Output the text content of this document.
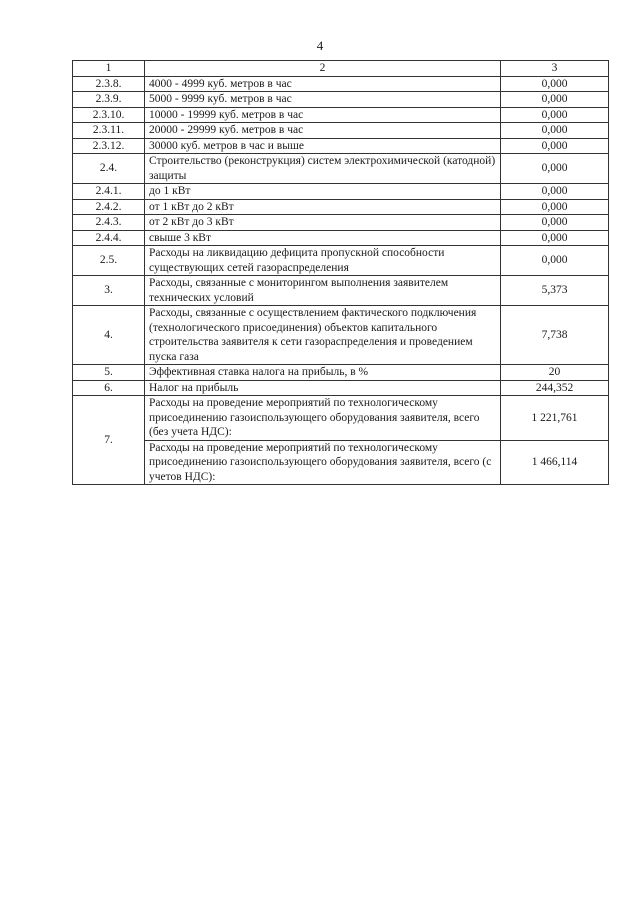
4
1	2	3
2.3.8.	4000 - 4999 куб. метров в час	0,000
2.3.9.	5000 - 9999 куб. метров в час	0,000
2.3.10.	10000 - 19999 куб. метров в час	0,000
2.3.11.	20000 - 29999 куб. метров в час	0,000
2.3.12.	30000 куб. метров в час и выше	0,000
2.4.	Строительство (реконструкция) систем электрохимической (катодной) защиты	0,000
2.4.1.	до 1 кВт	0,000
2.4.2.	от 1 кВт до 2 кВт	0,000
2.4.3.	от 2 кВт до 3 кВт	0,000
2.4.4.	свыше 3 кВт	0,000
2.5.	Расходы на ликвидацию дефицита пропускной способности существующих сетей газораспределения	0,000
3.	Расходы, связанные с мониторингом выполнения заявителем технических условий	5,373
4.	Расходы, связанные с осуществлением фактического подключения (технологического присоединения) объектов капитального строительства заявителя к сети газораспределения и проведением пуска газа	7,738
5.	Эффективная ставка налога на прибыль, в %	20
6.	Налог на прибыль	244,352
7.	Расходы на проведение мероприятий по технологическому присоединению газоиспользующего оборудования заявителя, всего (без учета НДС):	1 221,761
	Расходы на проведение мероприятий по технологическому присоединению газоиспользующего оборудования заявителя, всего (с учетов НДС):	1 466,114
